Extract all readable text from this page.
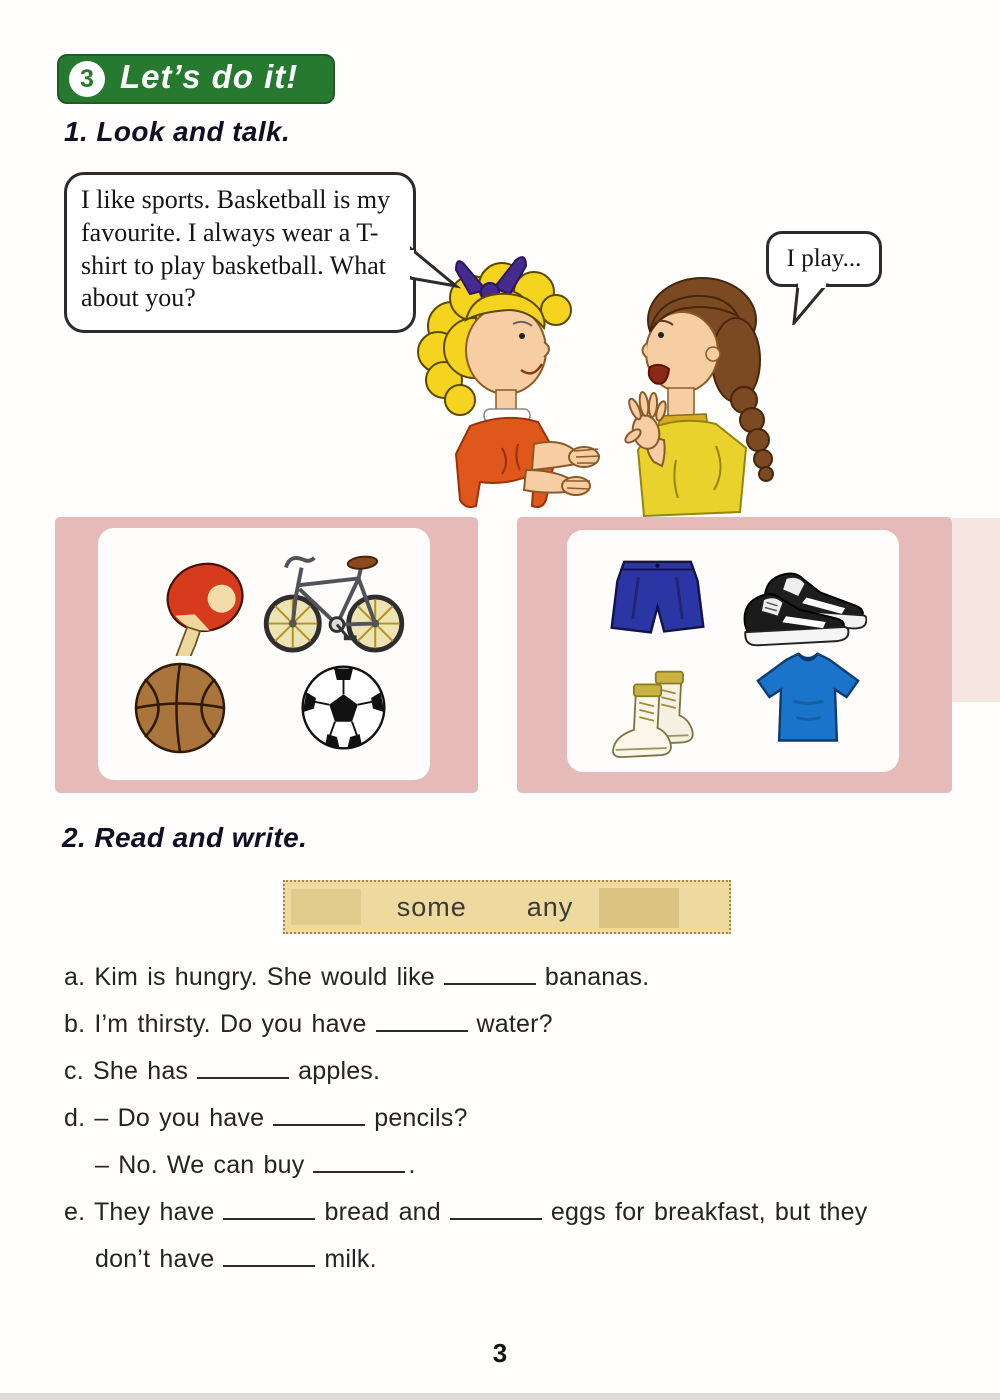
3 Let’s do it!
1. Look and talk.
I like sports. Basketball is my favourite. I always wear a T-shirt to play basketball. What about you?
I play...
2. Read and write.
some any

a. Kim is hungry. She would like	bananas.

b. I’m thirsty. Do you have	water?

c. She has	apples.

d. – Do you have	pencils?

– No. We can buy	.

e. They have	bread and	eggs for breakfast, but they

don’t have	milk.

3
